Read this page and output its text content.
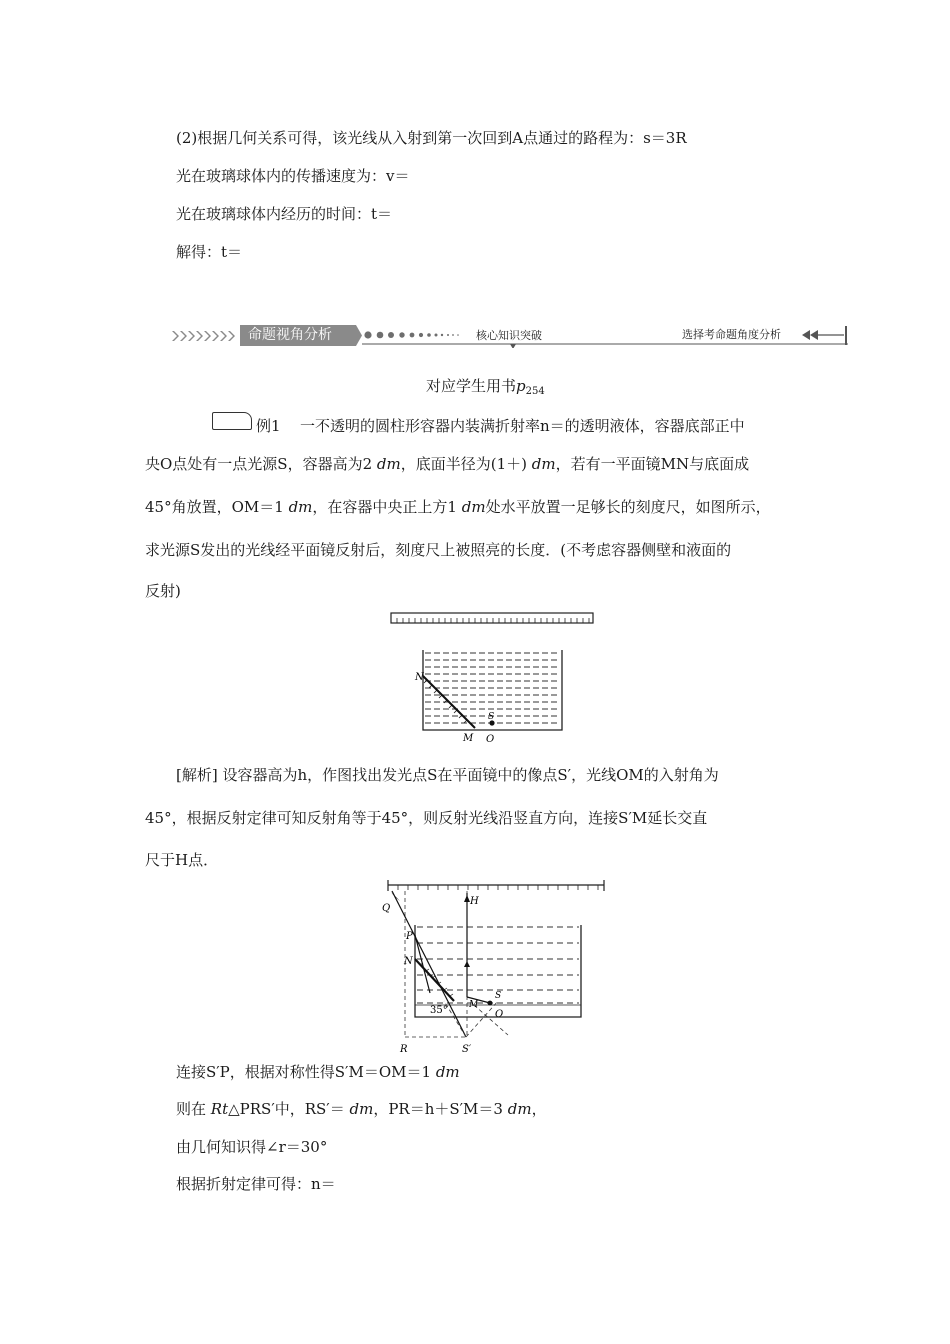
(2)根据几何关系可得，该光线从入射到第一次回到A点通过的路程为：s＝3R
光在玻璃球体内的传播速度为：v＝
光在玻璃球体内经历的时间：t＝
解得：t＝
命题视角分析	核心知识突破	选择考命题角度分析
对应学生用书$p_{254}$
例1 一不透明的圆柱形容器内装满折射率n＝的透明液体，容器底部正中
央O点处有一点光源S，容器高为2 dm，底面半径为(1＋) dm，若有一平面镜MN与底面成
45°角放置，OM＝1 dm，在容器中央正上方1 dm处水平放置一足够长的刻度尺，如图所示，
求光源S发出的光线经平面镜反射后，刻度尺上被照亮的长度．(不考虑容器侧壁和液面的
反射)
N
S
M O
[解析] 设容器高为h，作图找出发光点S在平面镜中的像点S′，光线OM的入射角为
45°，根据反射定律可知反射角等于45°，则反射光线沿竖直方向，连接S′M延长交直
尺于H点．
Q
H
P
N
S
M
O
R	S′
35°
连接S′P，根据对称性得S′M＝OM＝1 dm
则在 Rt△PRS′中，RS′＝ dm，PR＝h＋S′M＝3 dm，
由几何知识得∠r＝30°
根据折射定律可得：n＝
